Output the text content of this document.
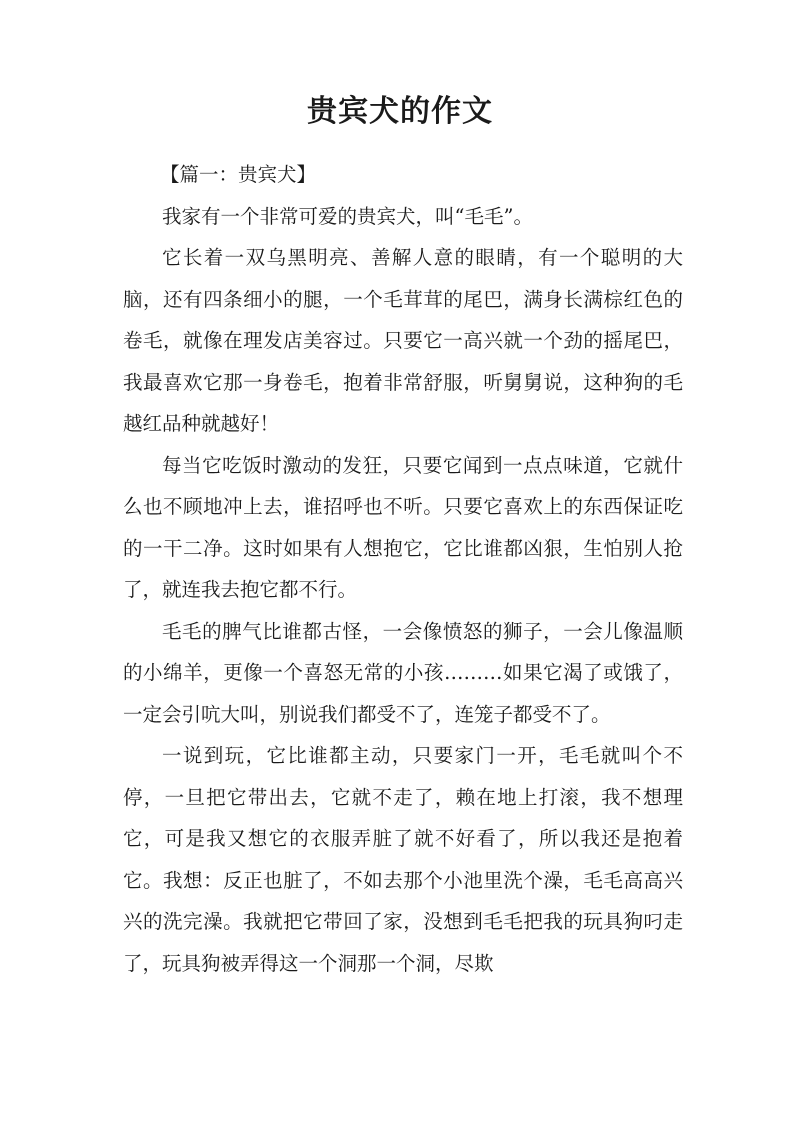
贵宾犬的作文

【篇一：贵宾犬】

我家有一个非常可爱的贵宾犬，叫“毛毛”。

它长着一双乌黑明亮、善解人意的眼睛，有一个聪明的大脑，还有四条细小的腿，一个毛茸茸的尾巴，满身长满棕红色的卷毛，就像在理发店美容过。只要它一高兴就一个劲的摇尾巴，我最喜欢它那一身卷毛，抱着非常舒服，听舅舅说，这种狗的毛越红品种就越好！

每当它吃饭时激动的发狂，只要它闻到一点点味道，它就什么也不顾地冲上去，谁招呼也不听。只要它喜欢上的东西保证吃的一干二净。这时如果有人想抱它，它比谁都凶狠，生怕别人抢了，就连我去抱它都不行。

毛毛的脾气比谁都古怪，一会像愤怒的狮子，一会儿像温顺的小绵羊，更像一个喜怒无常的小孩………如果它渴了或饿了，一定会引吭大叫，别说我们都受不了，连笼子都受不了。

一说到玩，它比谁都主动，只要家门一开，毛毛就叫个不停，一旦把它带出去，它就不走了，赖在地上打滚，我不想理它，可是我又想它的衣服弄脏了就不好看了，所以我还是抱着它。我想：反正也脏了，不如去那个小池里洗个澡，毛毛高高兴兴的洗完澡。我就把它带回了家，没想到毛毛把我的玩具狗叼走了，玩具狗被弄得这一个洞那一个洞，尽欺
